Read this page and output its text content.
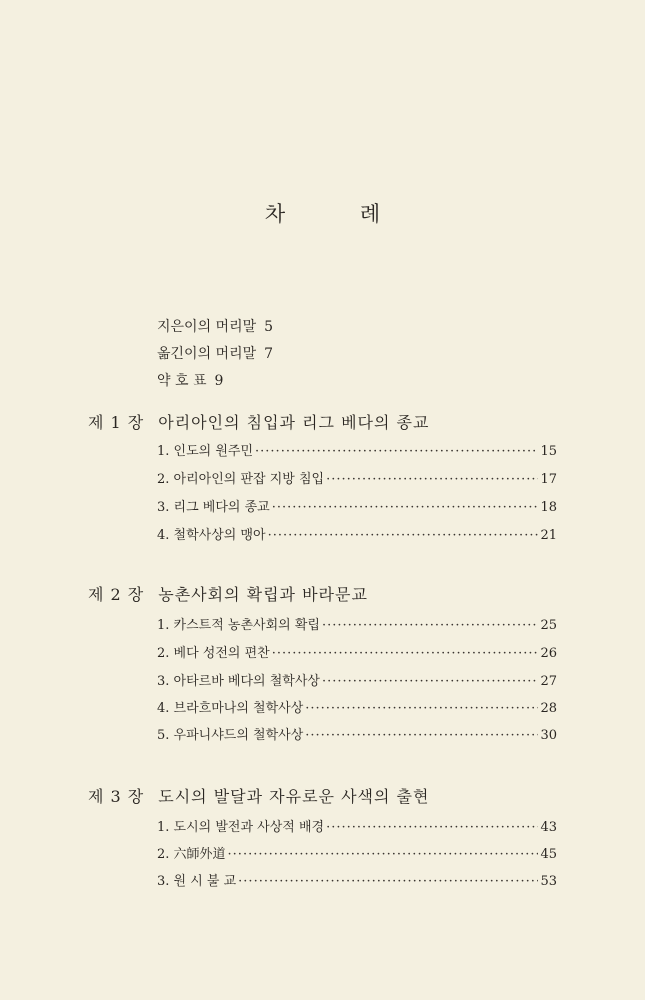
차 례
지은이의 머리말 5
옮긴이의 머리말 7
약 호 표 9
제 1 장 아리아인의 침입과 리그 베다의 종교
1. 인도의 원주민 ·····	15
2. 아리아인의 판잡 지방 침입 ·····	17
3. 리그 베다의 종교 ·····	18
4. 철학사상의 맹아 ·····	21
제 2 장 농촌사회의 확립과 바라문교
1. 카스트적 농촌사회의 확립 ·····	25
2. 베다 성전의 편찬 ·····	26
3. 아타르바 베다의 철학사상 ·····	27
4. 브라흐마나의 철학사상 ·····	28
5. 우파니샤드의 철학사상 ·····	30
제 3 장 도시의 발달과 자유로운 사색의 출현
1. 도시의 발전과 사상적 배경 ·····	43
2. 六師外道 ·····	45
3. 원 시 불 교 ·····	53
